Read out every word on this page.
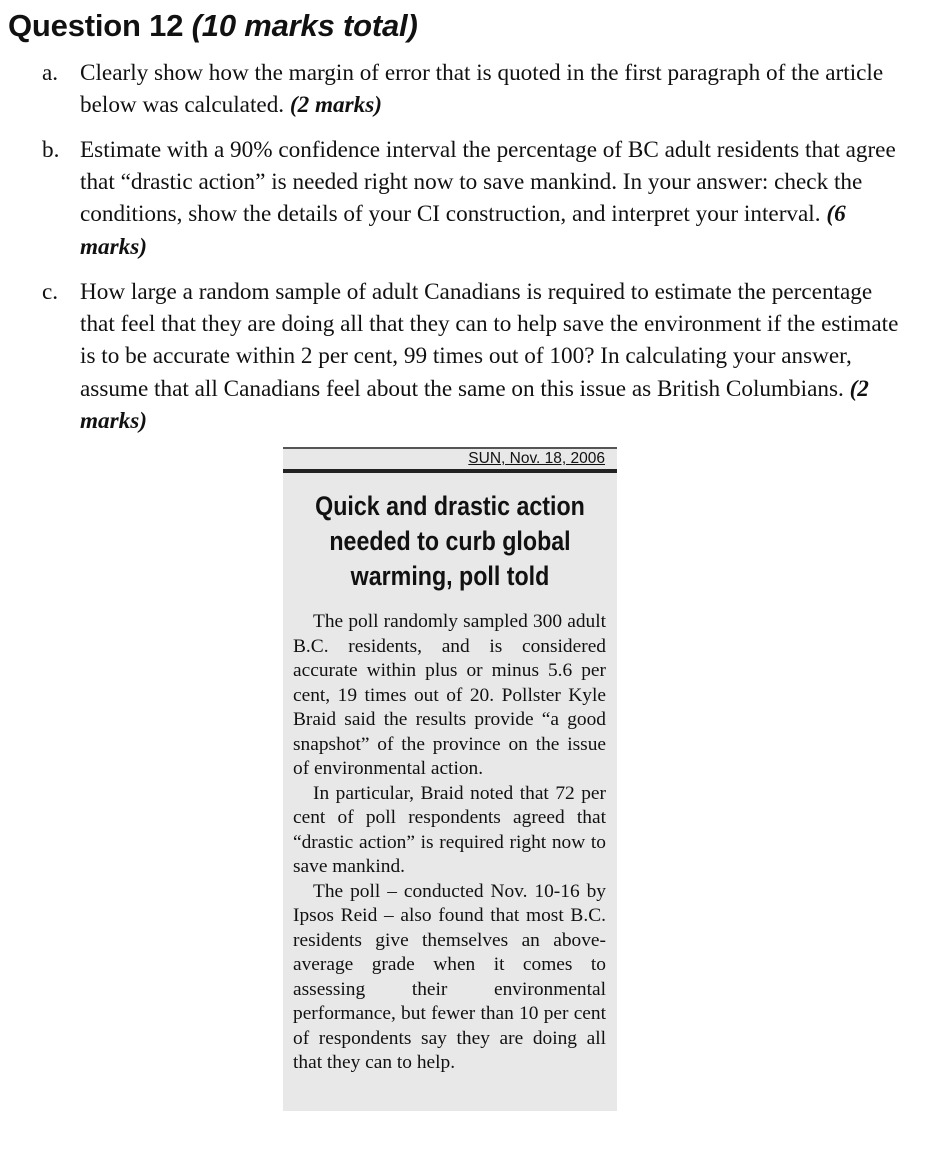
Question 12 (10 marks total)
a. Clearly show how the margin of error that is quoted in the first paragraph of the article below was calculated. (2 marks)
b. Estimate with a 90% confidence interval the percentage of BC adult residents that agree that “drastic action” is needed right now to save mankind. In your answer: check the conditions, show the details of your CI construction, and interpret your interval. (6 marks)
c. How large a random sample of adult Canadians is required to estimate the percentage that feel that they are doing all that they can to help save the environment if the estimate is to be accurate within 2 per cent, 99 times out of 100? In calculating your answer, assume that all Canadians feel about the same on this issue as British Columbians. (2 marks)
SUN, Nov. 18, 2006
Quick and drastic action needed to curb global warming, poll told

The poll randomly sampled 300 adult B.C. residents, and is considered accurate within plus or minus 5.6 per cent, 19 times out of 20. Pollster Kyle Braid said the results provide “a good snapshot” of the province on the issue of environmental action.

In particular, Braid noted that 72 per cent of poll respondents agreed that “drastic action” is required right now to save mankind.

The poll – conducted Nov. 10-16 by Ipsos Reid – also found that most B.C. residents give themselves an above-average grade when it comes to assessing their environmental performance, but fewer than 10 per cent of respondents say they are doing all that they can to help.
